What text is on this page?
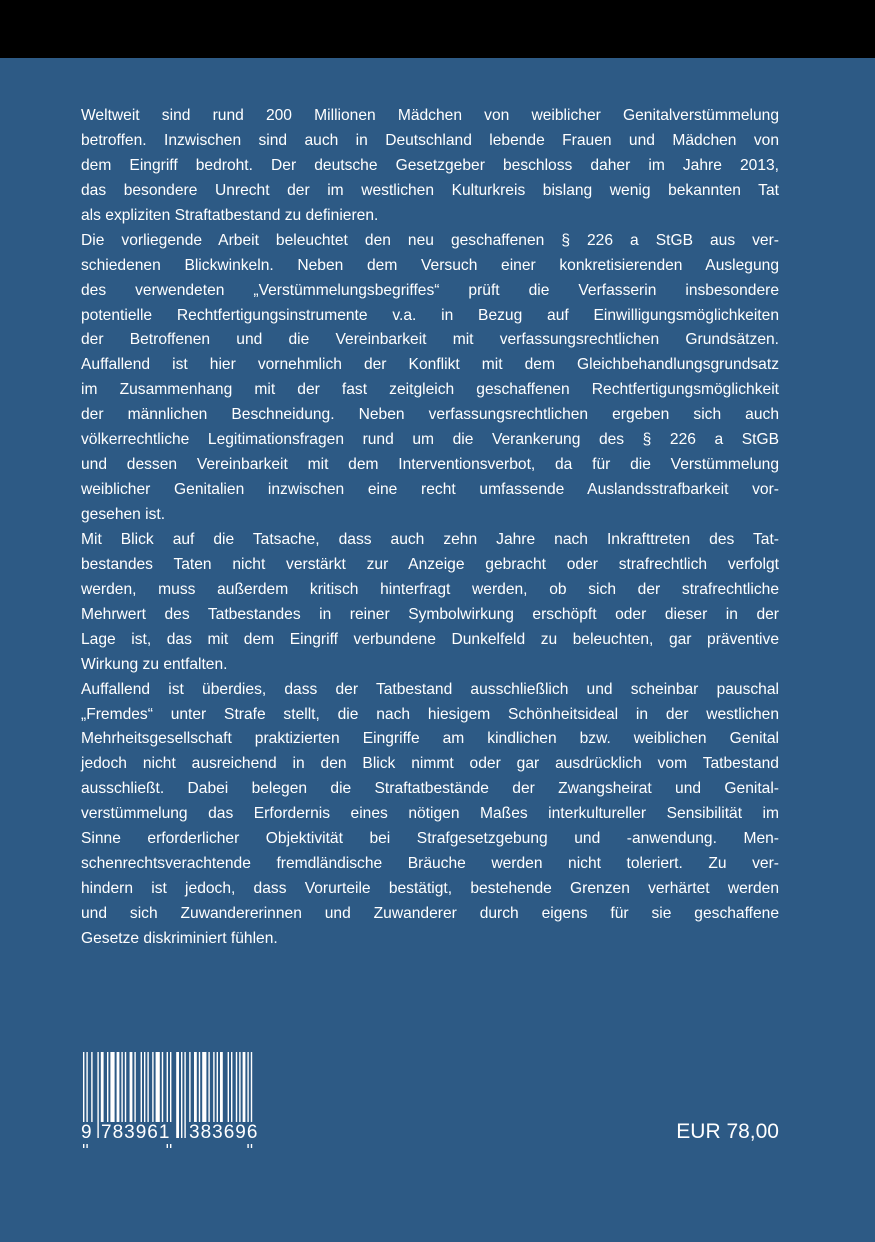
Weltweit sind rund 200 Millionen Mädchen von weiblicher Genitalverstümmelung
betroffen. Inzwischen sind auch in Deutschland lebende Frauen und Mädchen von
dem Eingriff bedroht. Der deutsche Gesetzgeber beschloss daher im Jahre 2013,
das besondere Unrecht der im westlichen Kulturkreis bislang wenig bekannten Tat
als expliziten Straftatbestand zu definieren.
Die vorliegende Arbeit beleuchtet den neu geschaffenen § 226 a StGB aus ver-
schiedenen Blickwinkeln. Neben dem Versuch einer konkretisierenden Auslegung
des verwendeten „Verstümmelungsbegriffes“ prüft die Verfasserin insbesondere
potentielle Rechtfertigungsinstrumente v.a. in Bezug auf Einwilligungsmöglichkeiten
der Betroffenen und die Vereinbarkeit mit verfassungsrechtlichen Grundsätzen.
Auffallend ist hier vornehmlich der Konflikt mit dem Gleichbehandlungsgrundsatz
im Zusammenhang mit der fast zeitgleich geschaffenen Rechtfertigungsmöglichkeit
der männlichen Beschneidung. Neben verfassungsrechtlichen ergeben sich auch
völkerrechtliche Legitimationsfragen rund um die Verankerung des § 226 a StGB
und dessen Vereinbarkeit mit dem Interventionsverbot, da für die Verstümmelung
weiblicher Genitalien inzwischen eine recht umfassende Auslandsstrafbarkeit vor-
gesehen ist.
Mit Blick auf die Tatsache, dass auch zehn Jahre nach Inkrafttreten des Tat-
bestandes Taten nicht verstärkt zur Anzeige gebracht oder strafrechtlich verfolgt
werden, muss außerdem kritisch hinterfragt werden, ob sich der strafrechtliche
Mehrwert des Tatbestandes in reiner Symbolwirkung erschöpft oder dieser in der
Lage ist, das mit dem Eingriff verbundene Dunkelfeld zu beleuchten, gar präventive
Wirkung zu entfalten.
Auffallend ist überdies, dass der Tatbestand ausschließlich und scheinbar pauschal
„Fremdes“ unter Strafe stellt, die nach hiesigem Schönheitsideal in der westlichen
Mehrheitsgesellschaft praktizierten Eingriffe am kindlichen bzw. weiblichen Genital
jedoch nicht ausreichend in den Blick nimmt oder gar ausdrücklich vom Tatbestand
ausschließt. Dabei belegen die Straftatbestände der Zwangsheirat und Genital-
verstümmelung das Erfordernis eines nötigen Maßes interkultureller Sensibilität im
Sinne erforderlicher Objektivität bei Strafgesetzgebung und -anwendung. Men-
schenrechtsverachtende fremdländische Bräuche werden nicht toleriert. Zu ver-
hindern ist jedoch, dass Vorurteile bestätigt, bestehende Grenzen verhärtet werden
und sich Zuwandererinnen und Zuwanderer durch eigens für sie geschaffene
Gesetze diskriminiert fühlen.
9 783961 383696	EUR 78,00
